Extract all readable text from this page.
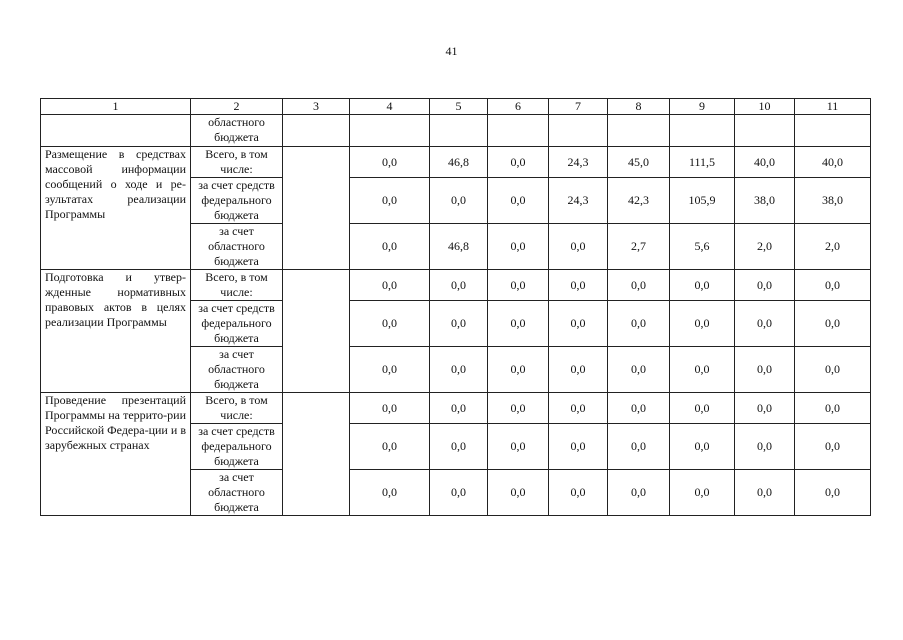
41
1	2	3	4	5	6	7	8	9	10	11
	областного бюджета									
Размещение в средствах массовой информации сообщений о ходе и ре-зультатах реализации Программы	Всего, в том числе:		0,0	46,8	0,0	24,3	45,0	111,5	40,0	40,0
	за счет средств федерального бюджета		0,0	0,0	0,0	24,3	42,3	105,9	38,0	38,0
	за счет областного бюджета		0,0	46,8	0,0	0,0	2,7	5,6	2,0	2,0
Подготовка и утвер-жденные нормативных правовых актов в целях реализации Программы	Всего, в том числе:		0,0	0,0	0,0	0,0	0,0	0,0	0,0	0,0
	за счет средств федерального бюджета		0,0	0,0	0,0	0,0	0,0	0,0	0,0	0,0
	за счет областного бюджета		0,0	0,0	0,0	0,0	0,0	0,0	0,0	0,0
Проведение презентаций Программы на террито-рии Российской Федера-ции и в зарубежных странах	Всего, в том числе:		0,0	0,0	0,0	0,0	0,0	0,0	0,0	0,0
	за счет средств федерального бюджета		0,0	0,0	0,0	0,0	0,0	0,0	0,0	0,0
	за счет областного бюджета		0,0	0,0	0,0	0,0	0,0	0,0	0,0	0,0
